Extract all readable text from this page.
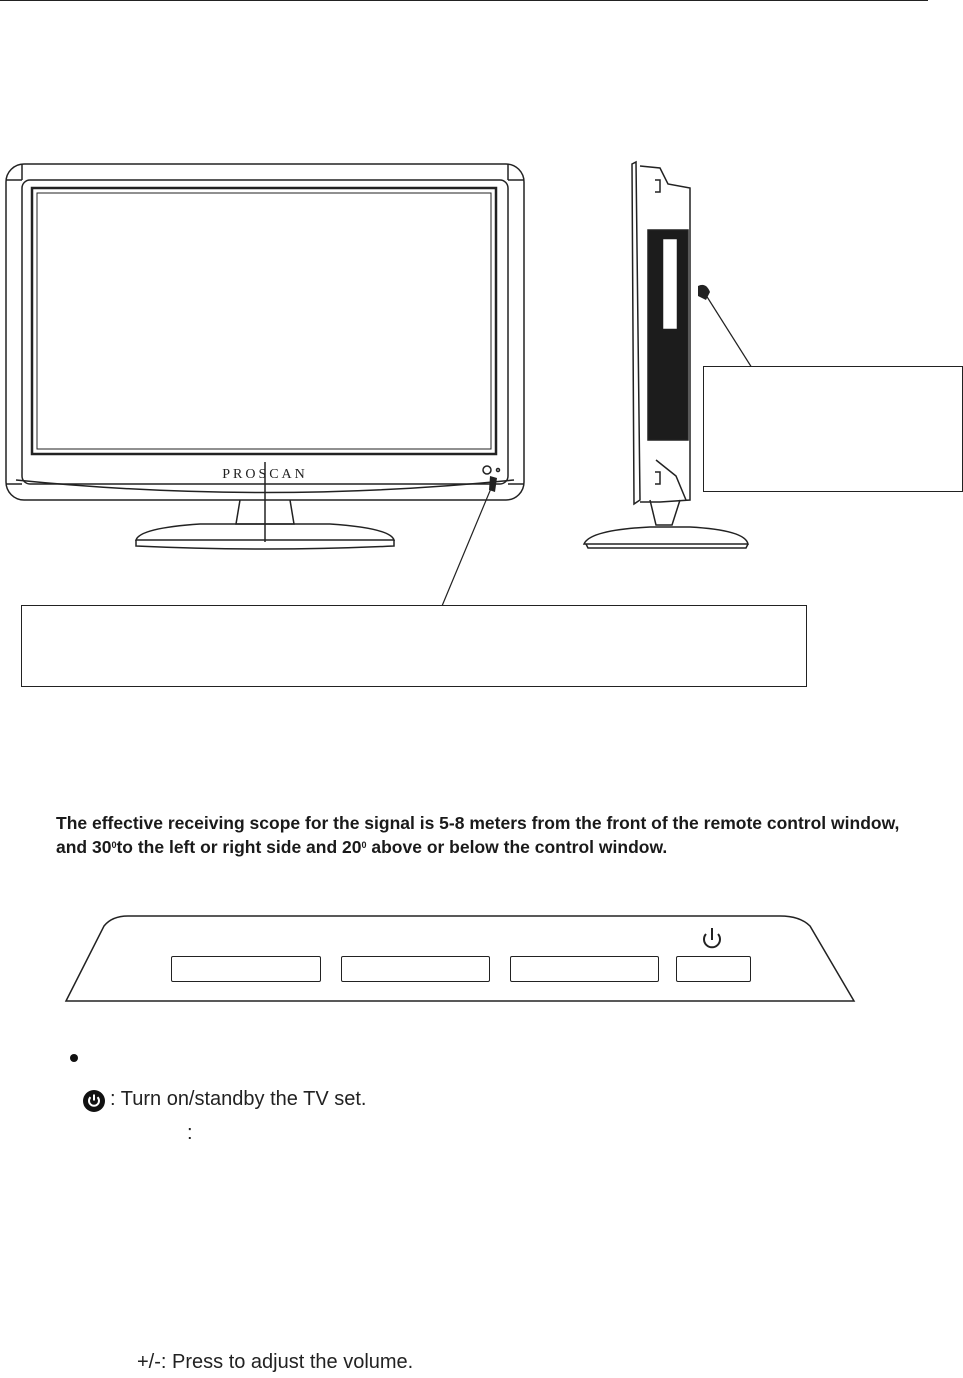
PROSCAN
The effective receiving scope for the signal is 5-8 meters from the front of the remote control window, and $30^0to$ the left or right side and $20^0$ above or below the control window.
: Turn on/standby the TV set.
:
+/-: Press to adjust the volume.
